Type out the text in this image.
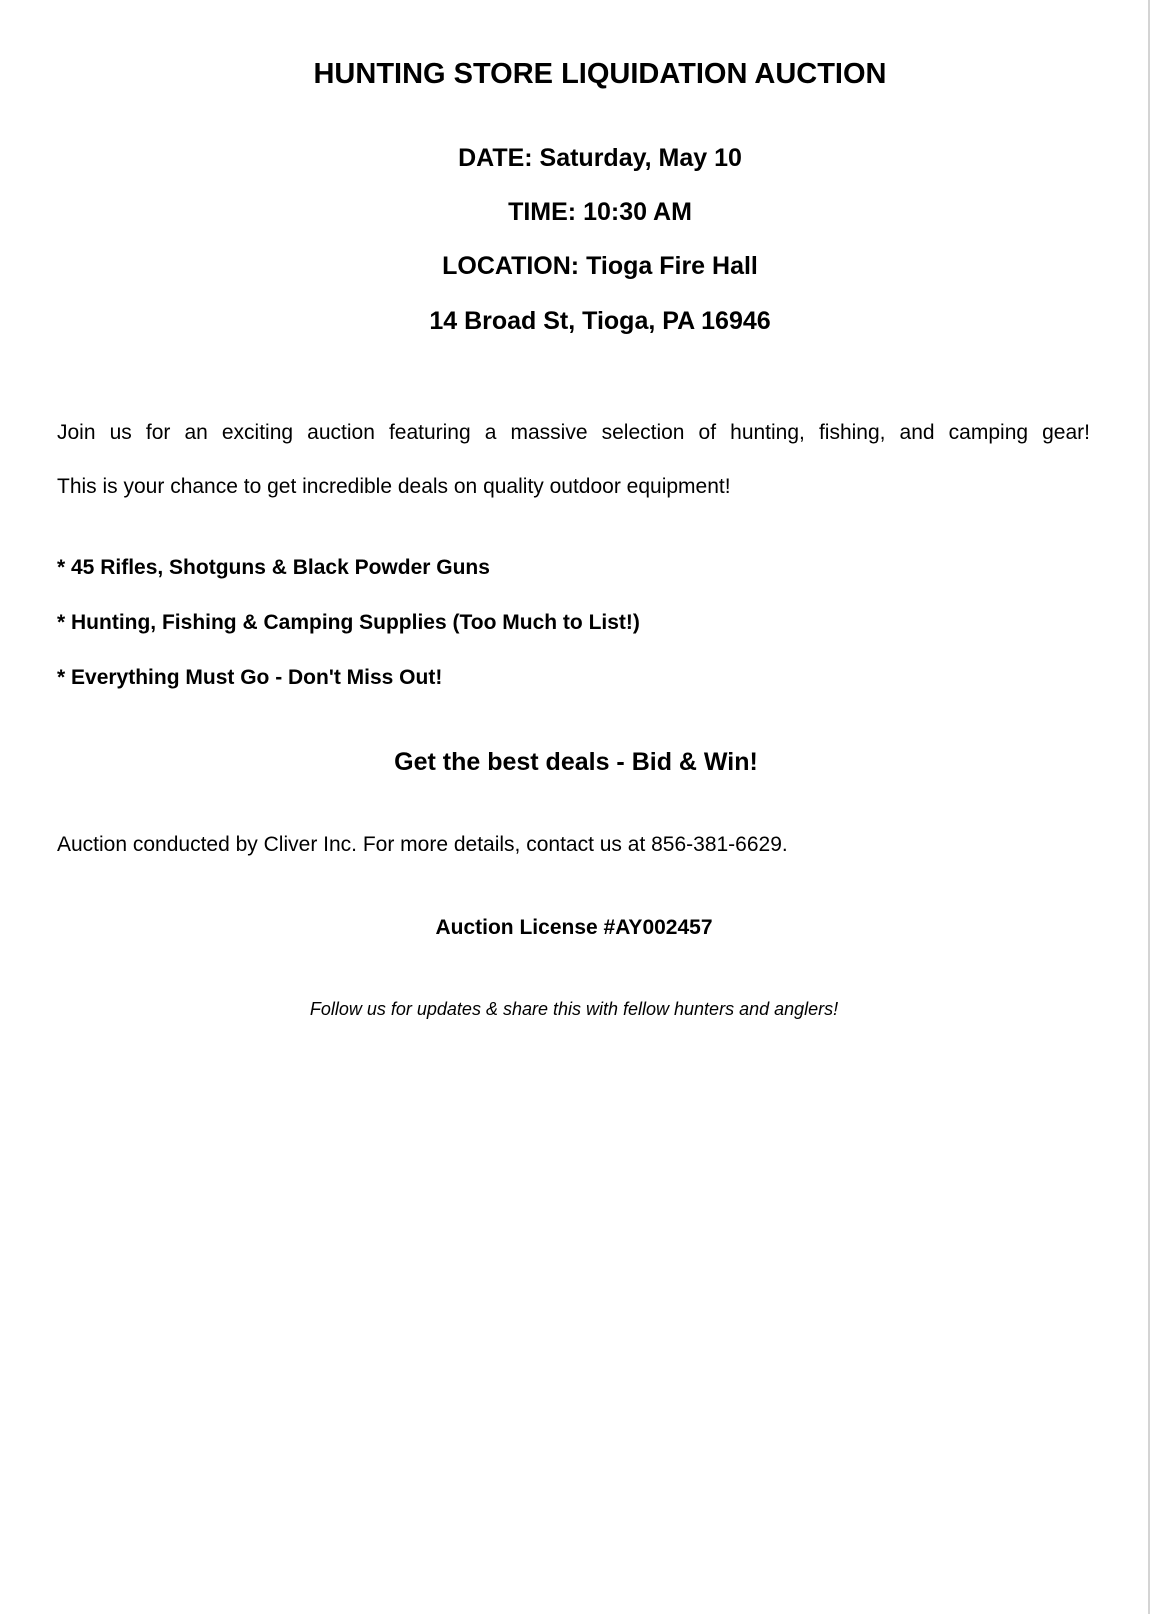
HUNTING STORE LIQUIDATION AUCTION
DATE: Saturday, May 10
TIME: 10:30 AM
LOCATION: Tioga Fire Hall
14 Broad St, Tioga, PA 16946
Join us for an exciting auction featuring a massive selection of hunting, fishing, and camping gear!
This is your chance to get incredible deals on quality outdoor equipment!
* 45 Rifles, Shotguns & Black Powder Guns
* Hunting, Fishing & Camping Supplies (Too Much to List!)
* Everything Must Go - Don't Miss Out!
Get the best deals - Bid & Win!
Auction conducted by Cliver Inc. For more details, contact us at 856-381-6629.
Auction License #AY002457
Follow us for updates & share this with fellow hunters and anglers!
